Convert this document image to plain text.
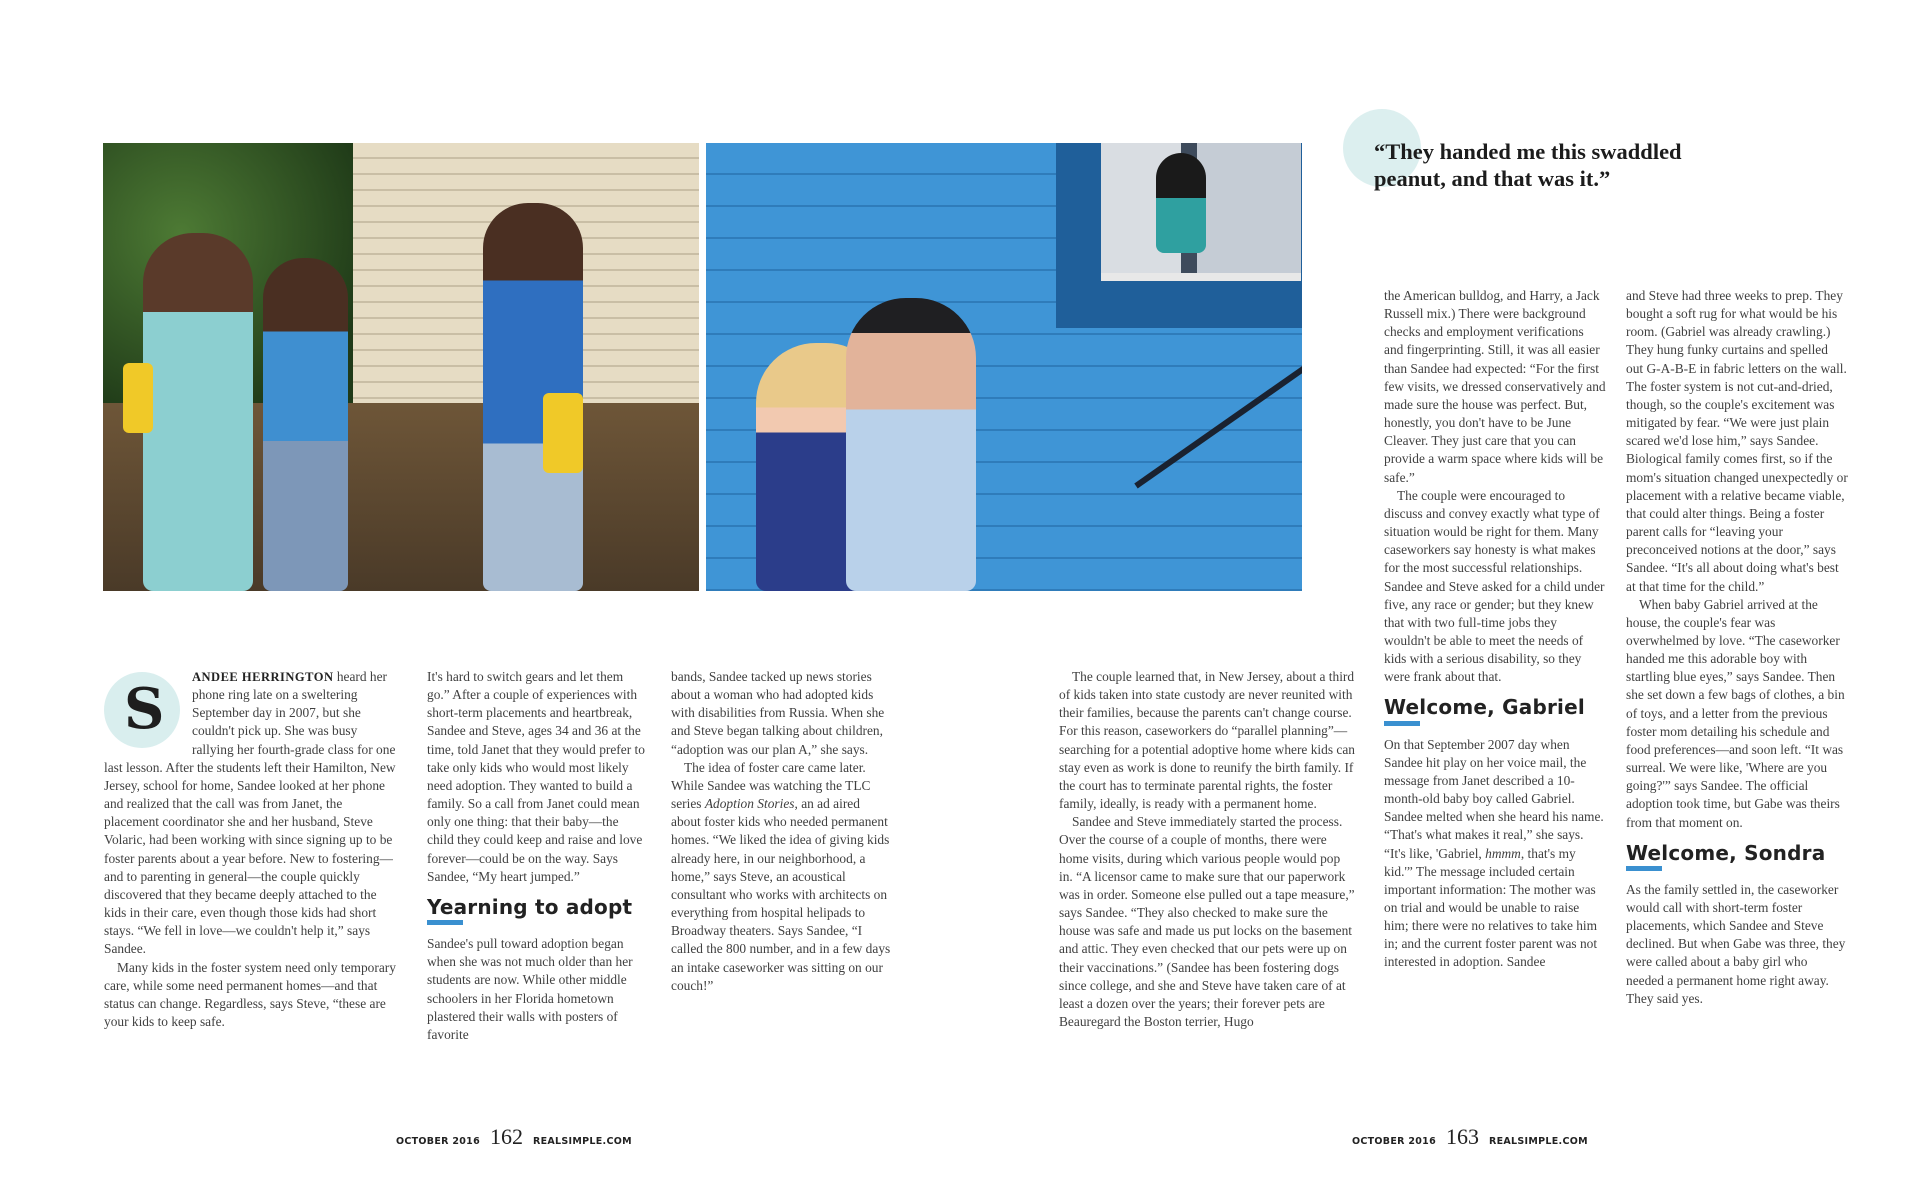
“They handed me this swaddled peanut, and that was it.”
S	ANDEE HERRINGTON heard her phone ring late on a sweltering September day in 2007, but she couldn't pick up. She was busy rallying her fourth-grade class for one last lesson. After the students left their Hamilton, New Jersey, school for home, Sandee looked at her phone and realized that the call was from Janet, the placement coordinator she and her husband, Steve Volaric, had been working with since signing up to be foster parents about a year before. New to fostering—and to parenting in general—the couple quickly discovered that they became deeply attached to the kids in their care, even though those kids had short stays. “We fell in love—we couldn't help it,” says Sandee.

Many kids in the foster system need only temporary care, while some need permanent homes—and that status can change. Regardless, says Steve, “these are your kids to keep safe.

It's hard to switch gears and let them go.” After a couple of experiences with short-term placements and heartbreak, Sandee and Steve, ages 34 and 36 at the time, told Janet that they would prefer to take only kids who would most likely need adoption. They wanted to build a family. So a call from Janet could mean only one thing: that their baby—the child they could keep and raise and love forever—could be on the way. Says Sandee, “My heart jumped.”

Yearning to adopt

Sandee's pull toward adoption began when she was not much older than her students are now. While other middle schoolers in her Florida hometown plastered their walls with posters of favorite

bands, Sandee tacked up news stories about a woman who had adopted kids with disabilities from Russia. When she and Steve began talking about children, “adoption was our plan A,” she says.

The idea of foster care came later. While Sandee was watching the TLC series Adoption Stories, an ad aired about foster kids who needed permanent homes. “We liked the idea of giving kids already here, in our neighborhood, a home,” says Steve, an acoustical consultant who works with architects on everything from hospital helipads to Broadway theaters. Says Sandee, “I called the 800 number, and in a few days an intake caseworker was sitting on our couch!”

The couple learned that, in New Jersey, about a third of kids taken into state custody are never reunited with their families, because the parents can't change course. For this reason, caseworkers do “parallel planning”—searching for a potential adoptive home where kids can stay even as work is done to reunify the birth family. If the court has to terminate parental rights, the foster family, ideally, is ready with a permanent home.

Sandee and Steve immediately started the process. Over the course of a couple of months, there were home visits, during which various people would pop in. “A licensor came to make sure that our paperwork was in order. Someone else pulled out a tape measure,” says Sandee. “They also checked to make sure the house was safe and made us put locks on the basement and attic. They even checked that our pets were up on their vaccinations.” (Sandee has been fostering dogs since college, and she and Steve have taken care of at least a dozen over the years; their forever pets are Beauregard the Boston terrier, Hugo

the American bulldog, and Harry, a Jack Russell mix.) There were background checks and employment verifications and fingerprinting. Still, it was all easier than Sandee had expected: “For the first few visits, we dressed conservatively and made sure the house was perfect. But, honestly, you don't have to be June Cleaver. They just care that you can provide a warm space where kids will be safe.”

The couple were encouraged to discuss and convey exactly what type of situation would be right for them. Many caseworkers say honesty is what makes for the most successful relationships. Sandee and Steve asked for a child under five, any race or gender; but they knew that with two full-time jobs they wouldn't be able to meet the needs of kids with a serious disability, so they were frank about that.

Welcome, Gabriel

On that September 2007 day when Sandee hit play on her voice mail, the message from Janet described a 10-month-old baby boy called Gabriel. Sandee melted when she heard his name. “That's what makes it real,” she says. “It's like, 'Gabriel, hmmm, that's my kid.'” The message included certain important information: The mother was on trial and would be unable to raise him; there were no relatives to take him in; and the current foster parent was not interested in adoption. Sandee

and Steve had three weeks to prep. They bought a soft rug for what would be his room. (Gabriel was already crawling.) They hung funky curtains and spelled out G-A-B-E in fabric letters on the wall. The foster system is not cut-and-dried, though, so the couple's excitement was mitigated by fear. “We were just plain scared we'd lose him,” says Sandee. Biological family comes first, so if the mom's situation changed unexpectedly or placement with a relative became viable, that could alter things. Being a foster parent calls for “leaving your preconceived notions at the door,” says Sandee. “It's all about doing what's best at that time for the child.”

When baby Gabriel arrived at the house, the couple's fear was overwhelmed by love. “The caseworker handed me this adorable boy with startling blue eyes,” says Sandee. Then she set down a few bags of clothes, a bin of toys, and a letter from the previous foster mom detailing his schedule and food preferences—and soon left. “It was surreal. We were like, 'Where are you going?'” says Sandee. The official adoption took time, but Gabe was theirs from that moment on.

Welcome, Sondra

As the family settled in, the caseworker would call with short-term foster placements, which Sandee and Steve declined. But when Gabe was three, they were called about a baby girl who needed a permanent home right away. They said yes.

OCTOBER 2016 162 REALSIMPLE.COM	OCTOBER 2016 163 REALSIMPLE.COM
